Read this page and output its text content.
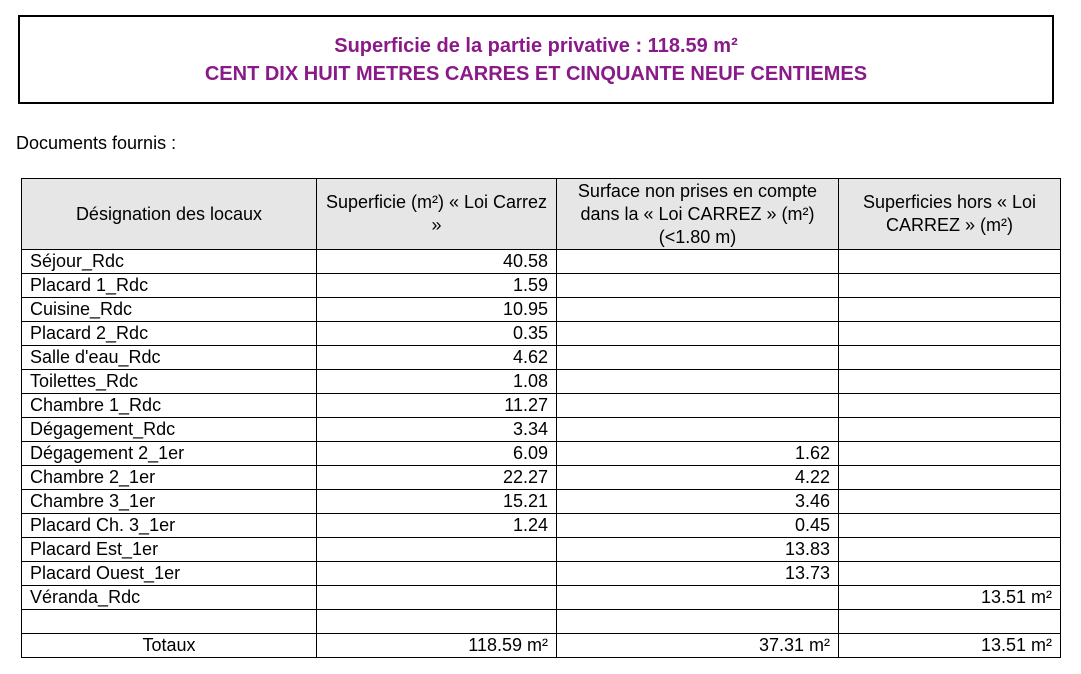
Superficie de la partie privative : 118.59 m²
CENT DIX HUIT METRES CARRES ET CINQUANTE NEUF CENTIEMES
Documents fournis :
Désignation des locaux	Superficie (m²) « Loi Carrez »	Surface non prises en compte dans la « Loi CARREZ » (m²) (<1.80 m)	Superficies hors « Loi CARREZ » (m²)
Séjour_Rdc	40.58		
Placard 1_Rdc	1.59		
Cuisine_Rdc	10.95		
Placard 2_Rdc	0.35		
Salle d'eau_Rdc	4.62		
Toilettes_Rdc	1.08		
Chambre 1_Rdc	11.27		
Dégagement_Rdc	3.34		
Dégagement 2_1er	6.09	1.62	
Chambre 2_1er	22.27	4.22	
Chambre 3_1er	15.21	3.46	
Placard Ch. 3_1er	1.24	0.45	
Placard Est_1er		13.83	
Placard Ouest_1er		13.73	
Véranda_Rdc			13.51 m²

Totaux	118.59 m²	37.31 m²	13.51 m²
